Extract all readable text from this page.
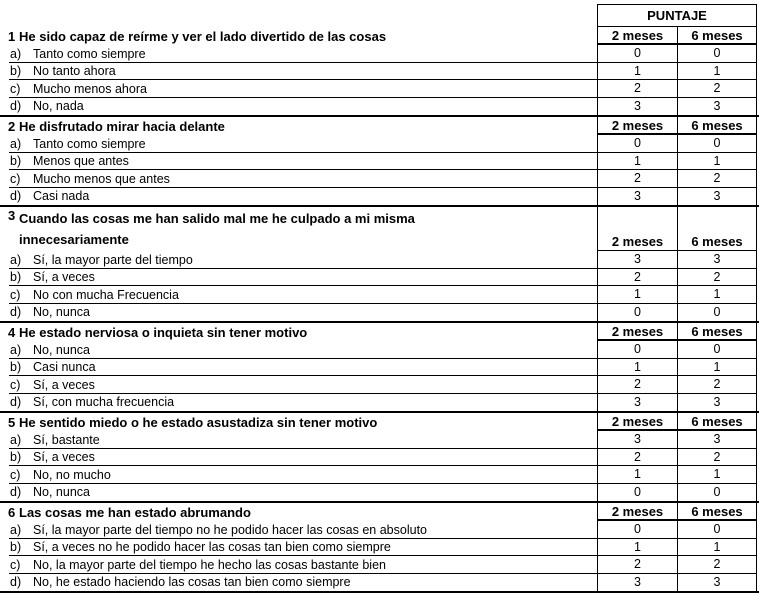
PUNTAJE
1 He sido capaz de reírme y ver el lado divertido de las cosas	2 meses 6 meses
a) Tanto como siempre	0	0
b) No tanto ahora	1	1
c)	Mucho menos ahora	2	2
d) No, nada	3	3
2 He disfrutado mirar hacia delante	2 meses 6 meses
a) Tanto como siempre	0	0
b) Menos que antes	1	1
c)	Mucho menos que antes	2	2
d) Casi nada	3	3
3 Cuando las cosas me han salido mal me he culpado a mi misma
innecesariamente	2 meses 6 meses
a) Sí, la mayor parte del tiempo	3	3
b) Sí, a veces	2	2
c)	No con mucha Frecuencia	1	1
d) No, nunca	0	0
4 He estado nerviosa o inquieta sin tener motivo	2 meses 6 meses
a) No, nunca	0	0
b) Casi nunca	1	1
c)	Sí, a veces	2	2
d) Sí, con mucha frecuencia	3	3
5 He sentido miedo o he estado asustadiza sin tener motivo	2 meses 6 meses
a) Sí, bastante	3	3
b) Sí, a veces	2	2
c)	No, no mucho	1	1
d) No, nunca	0	0
6 Las cosas me han estado abrumando	2 meses 6 meses
a) Sí, la mayor parte del tiempo no he podido hacer las cosas en absoluto	0	0
b) Sí, a veces no he podido hacer las cosas tan bien como siempre	1	1
c)	No, la mayor parte del tiempo he hecho las cosas bastante bien	2	2
d) No, he estado haciendo las cosas tan bien como siempre	3	3
